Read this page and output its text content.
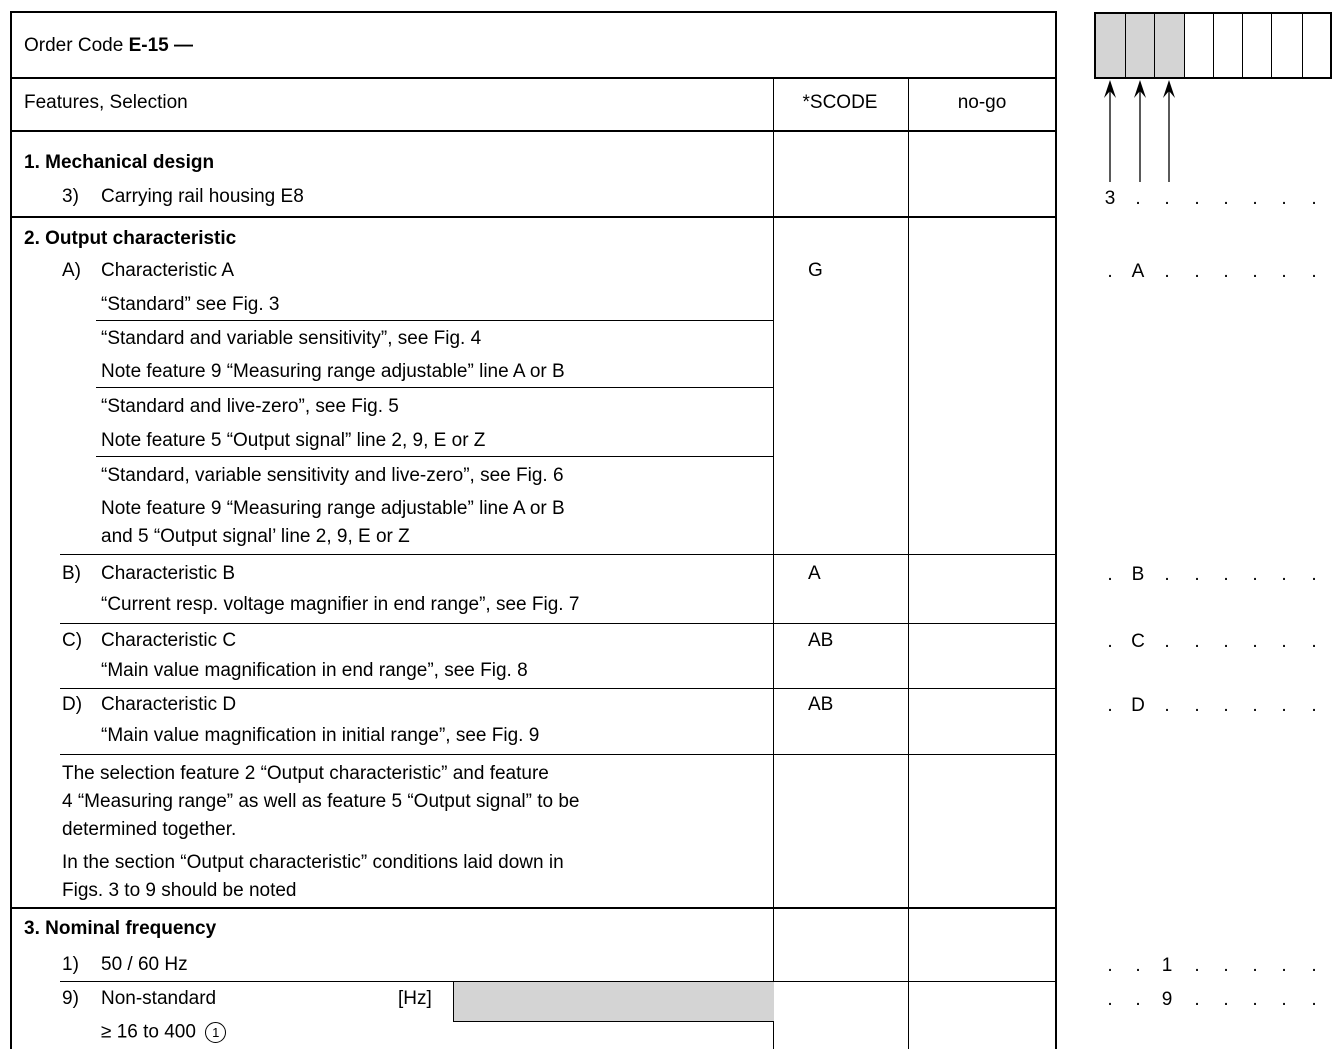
Order Code E-15 —
Features, Selection	*SCODE	no-go
1. Mechanical design
3) Carrying rail housing E8
2. Output characteristic
A) Characteristic A	G
“Standard” see Fig. 3
“Standard and variable sensitivity”, see Fig. 4
Note feature 9 “Measuring range adjustable” line A or B
“Standard and live-zero”, see Fig. 5
Note feature 5 “Output signal” line 2, 9, E or Z
“Standard, variable sensitivity and live-zero”, see Fig. 6
Note feature 9 “Measuring range adjustable” line A or B
and 5 “Output signal’ line 2, 9, E or Z
B) Characteristic B	A
“Current resp. voltage magnifier in end range”, see Fig. 7
C) Characteristic C	AB
“Main value magnification in end range”, see Fig. 8
D) Characteristic D	AB
“Main value magnification in initial range”, see Fig. 9
The selection feature 2 “Output characteristic” and feature
4 “Measuring range” as well as feature 5 “Output signal” to be
determined together.
In the section “Output characteristic” conditions laid down in
Figs. 3 to 9 should be noted
3. Nominal frequency
1) 50 / 60 Hz
9) Non-standard	[Hz]
≥ 16 to 400 1
3	.	.	.	.	.	.	.
.	A	.	.	.	.	.	.
.	B	.	.	.	.	.	.
. C	.	.	.	.	.	.
. D	.	.	.	.	.	.
.	.	1	.	.	.	.	.
.	.	9	.	.	.	.	.
